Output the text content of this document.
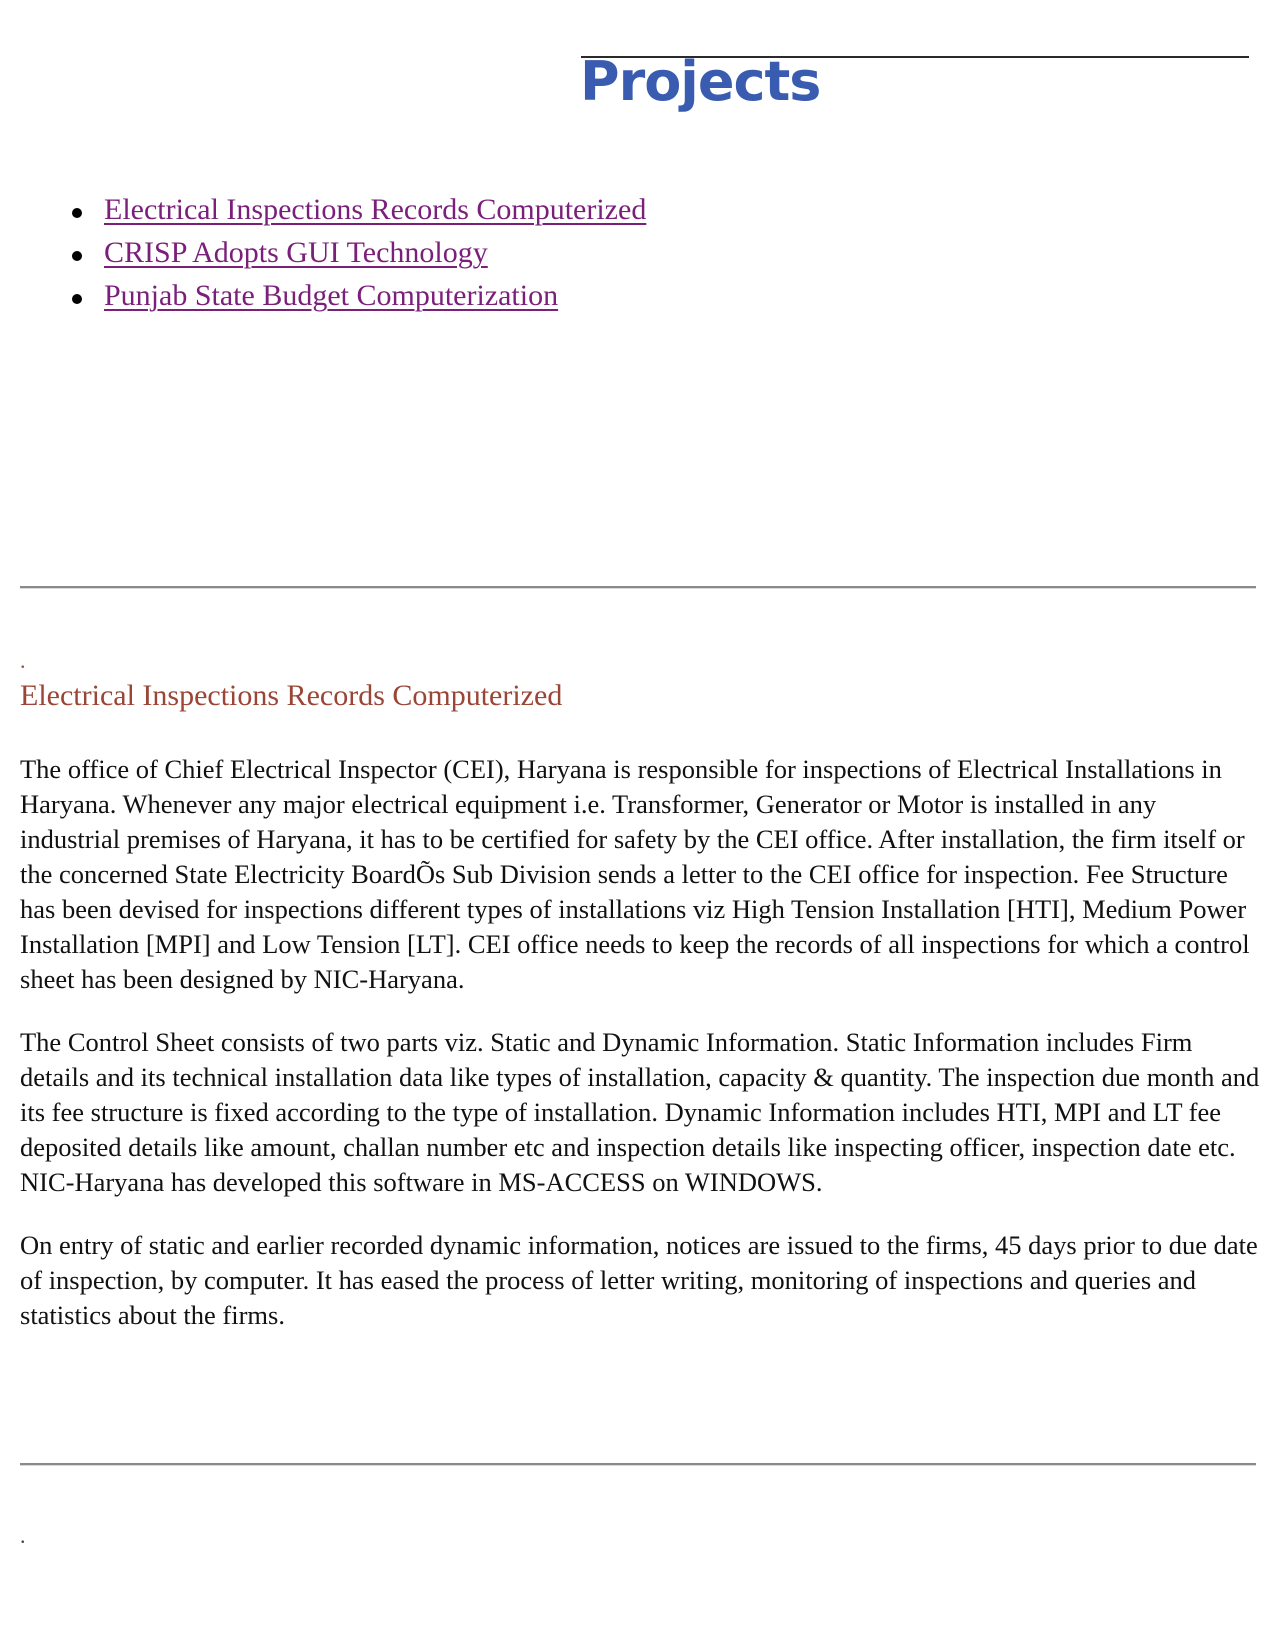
Projects
Electrical Inspections Records Computerized
CRISP Adopts GUI Technology
Punjab State Budget Computerization
.
Electrical Inspections Records Computerized

The office of Chief Electrical Inspector (CEI), Haryana is responsible for inspections of Electrical Installations in Haryana. Whenever any major electrical equipment i.e. Transformer, Generator or Motor is installed in any industrial premises of Haryana, it has to be certified for safety by the CEI office. After installation, the firm itself or the concerned State Electricity BoardÕs Sub Division sends a letter to the CEI office for inspection. Fee Structure has been devised for inspections different types of installations viz High Tension Installation [HTI], Medium Power Installation [MPI] and Low Tension [LT]. CEI office needs to keep the records of all inspections for which a control sheet has been designed by NIC-Haryana.

The Control Sheet consists of two parts viz. Static and Dynamic Information. Static Information includes Firm details and its technical installation data like types of installation, capacity & quantity. The inspection due month and its fee structure is fixed according to the type of installation. Dynamic Information includes HTI, MPI and LT fee deposited details like amount, challan number etc and inspection details like inspecting officer, inspection date etc. NIC-Haryana has developed this software in MS-ACCESS on WINDOWS.

On entry of static and earlier recorded dynamic information, notices are issued to the firms, 45 days prior to due date of inspection, by computer. It has eased the process of letter writing, monitoring of inspections and queries and statistics about the firms.

.
